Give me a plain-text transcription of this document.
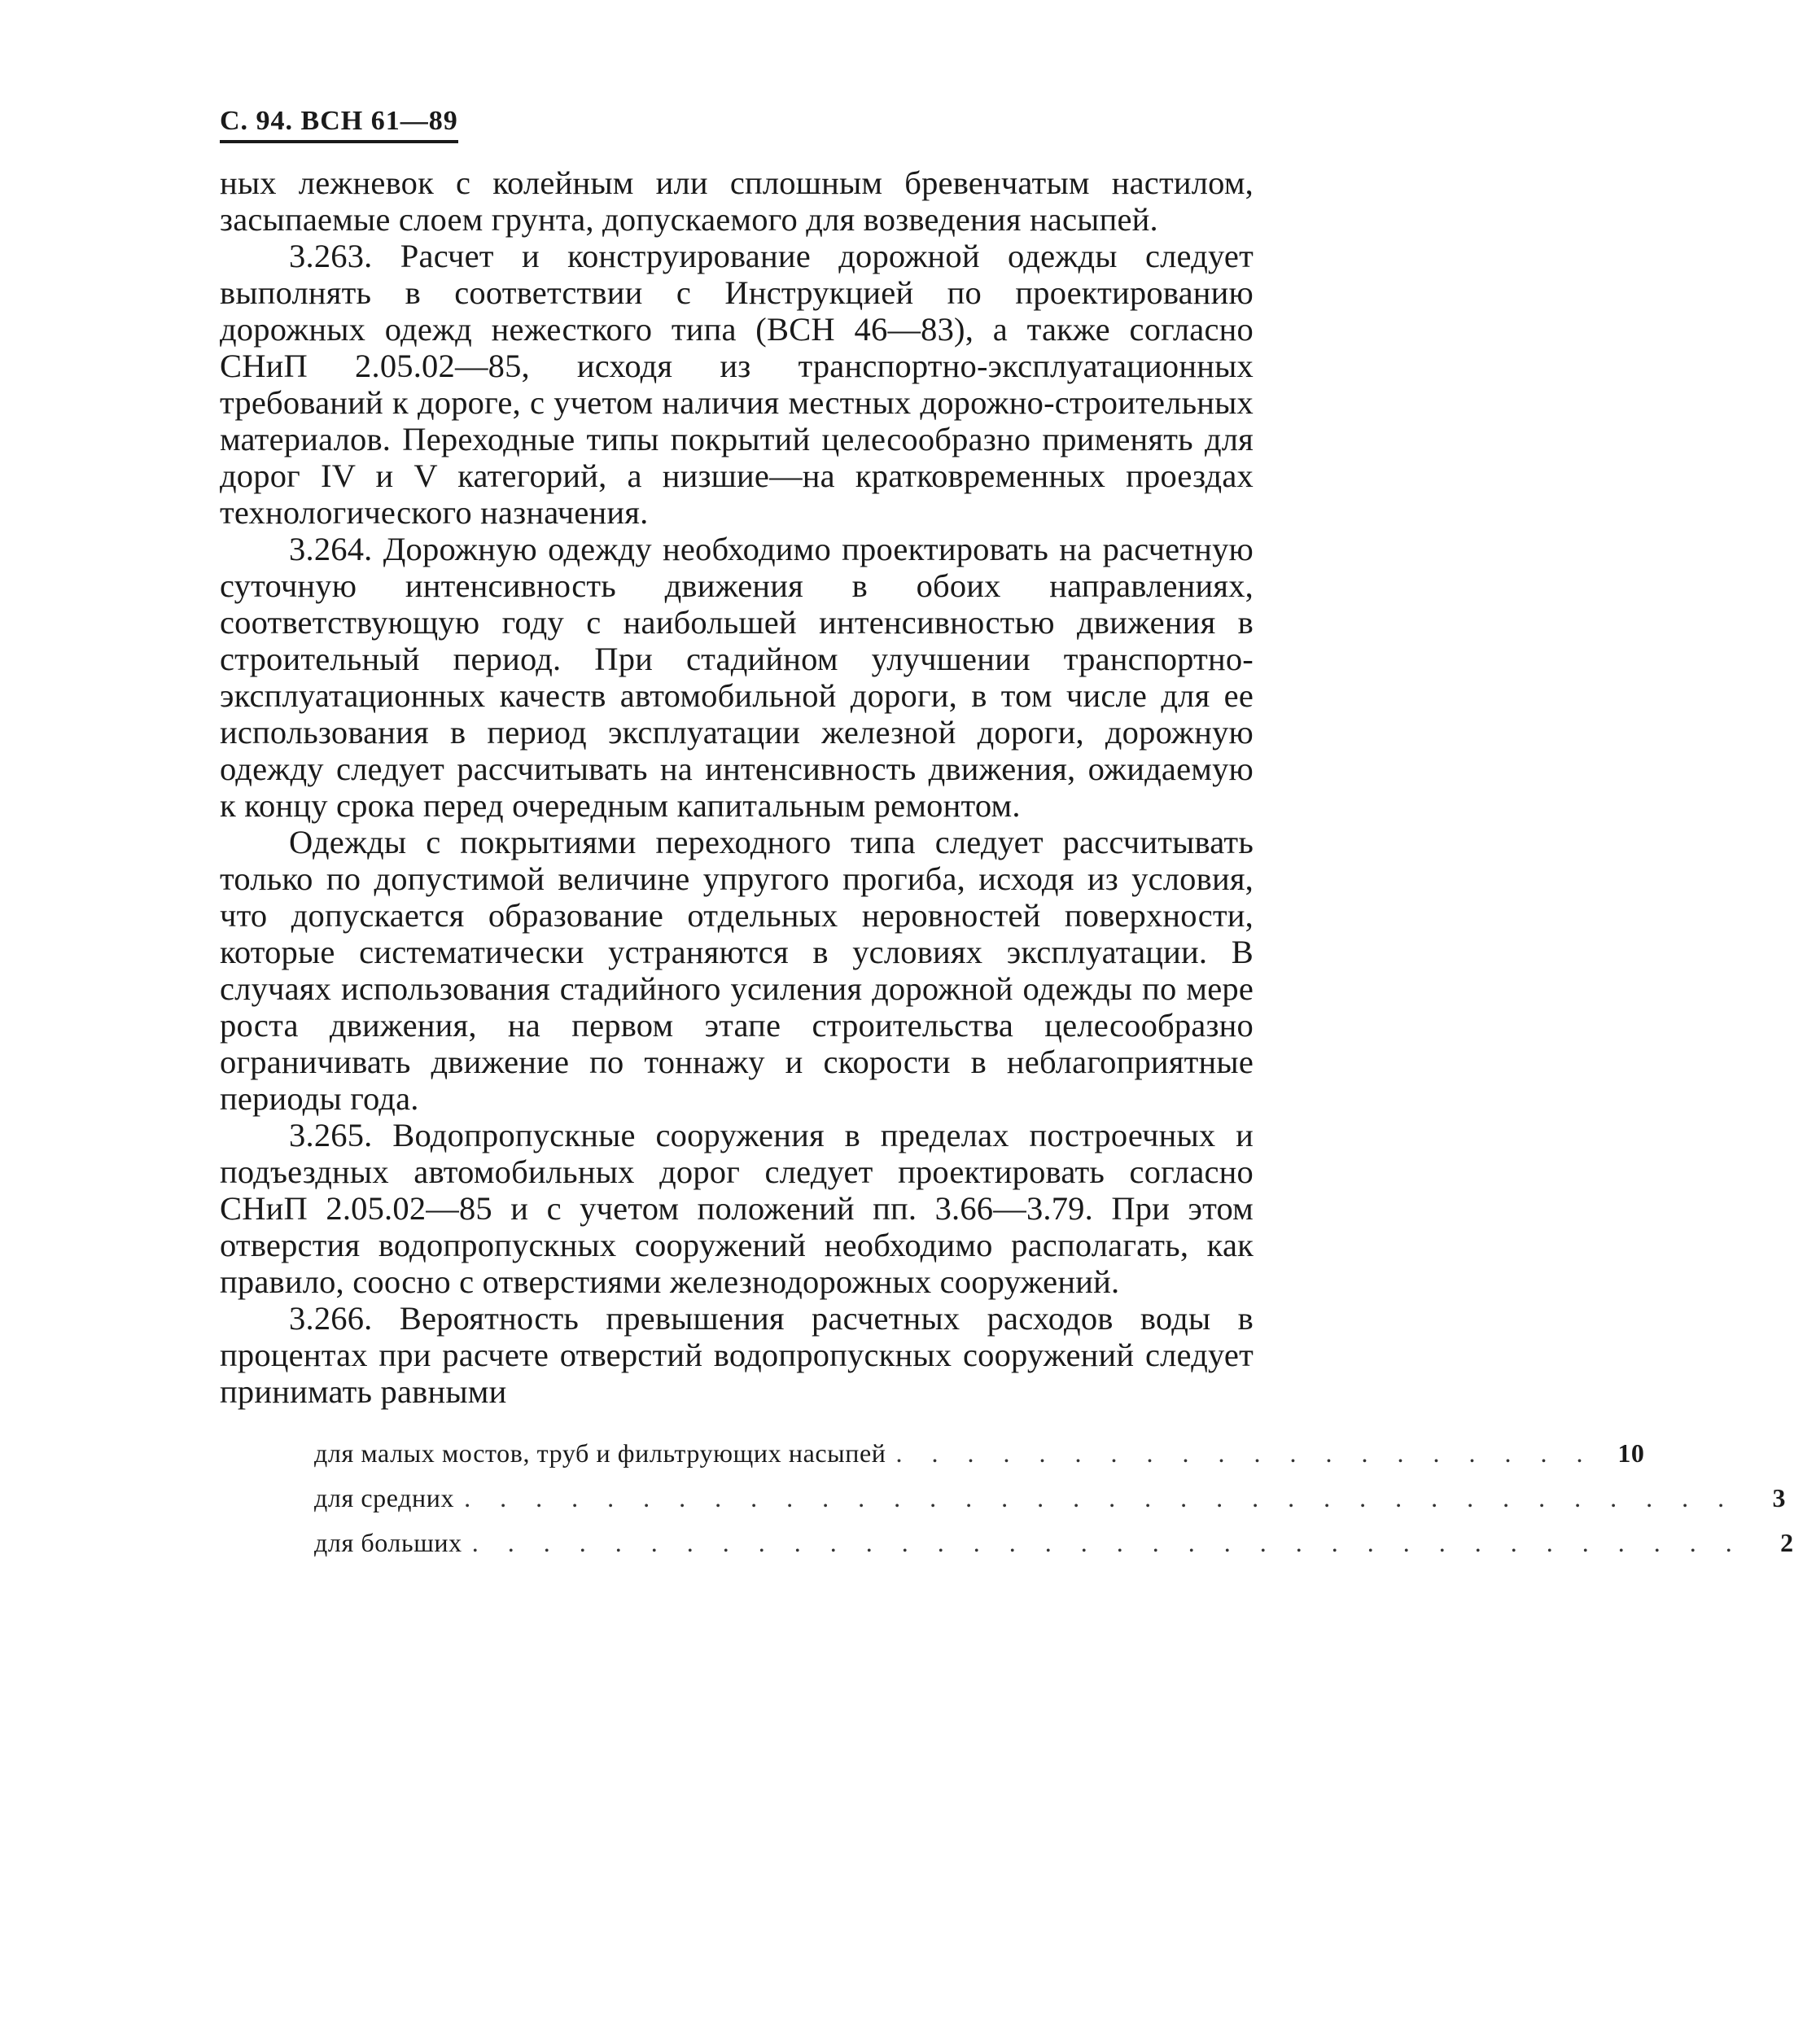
С. 94. ВСН 61—89

ных лежневок с колейным или сплошным бревенчатым настилом, засыпаемые слоем грунта, допускаемого для возведения насыпей.

3.263. Расчет и конструирование дорожной одежды следует выполнять в соответствии с Инструкцией по проектированию дорожных одежд нежесткого типа (ВСН 46—83), а также согласно СНиП 2.05.02—85, исходя из транспортно-эксплуатационных требований к дороге, с учетом наличия местных дорожно-строительных материалов. Переходные типы покрытий целесообразно применять для дорог IV и V категорий, а низшие—на кратковременных проездах технологического назначения.

3.264. Дорожную одежду необходимо проектировать на расчетную суточную интенсивность движения в обоих направлениях, соответствующую году с наибольшей интенсивностью движения в строительный период. При стадийном улучшении транспортно-эксплуатационных качеств автомобильной дороги, в том числе для ее использования в период эксплуатации железной дороги, дорожную одежду следует рассчитывать на интенсивность движения, ожидаемую к концу срока перед очередным капитальным ремонтом.

Одежды с покрытиями переходного типа следует рассчитывать только по допустимой величине упругого прогиба, исходя из условия, что допускается образование отдельных неровностей поверхности, которые систематически устраняются в условиях эксплуатации. В случаях использования стадийного усиления дорожной одежды по мере роста движения, на первом этапе строительства целесообразно ограничивать движение по тоннажу и скорости в неблагоприятные периоды года.

3.265. Водопропускные сооружения в пределах построечных и подъездных автомобильных дорог следует проектировать согласно СНиП 2.05.02—85 и с учетом положений пп. 3.66—3.79. При этом отверстия водопропускных сооружений необходимо располагать, как правило, соосно с отверстиями железнодорожных сооружений.

3.266. Вероятность превышения расчетных расходов воды в процентах при расчете отверстий водопропускных сооружений следует принимать равными

для малых мостов, труб и фильтрующих насыпей . . . . . . . . . . . . . . . . . . . . 10
для средних . . . . . . . . . . . . . . . . . . . . . . . . . . . . . . . . . . . .	3
для больших . . . . . . . . . . . . . . . . . . . . . . . . . . . . . . . . . . . .	2
